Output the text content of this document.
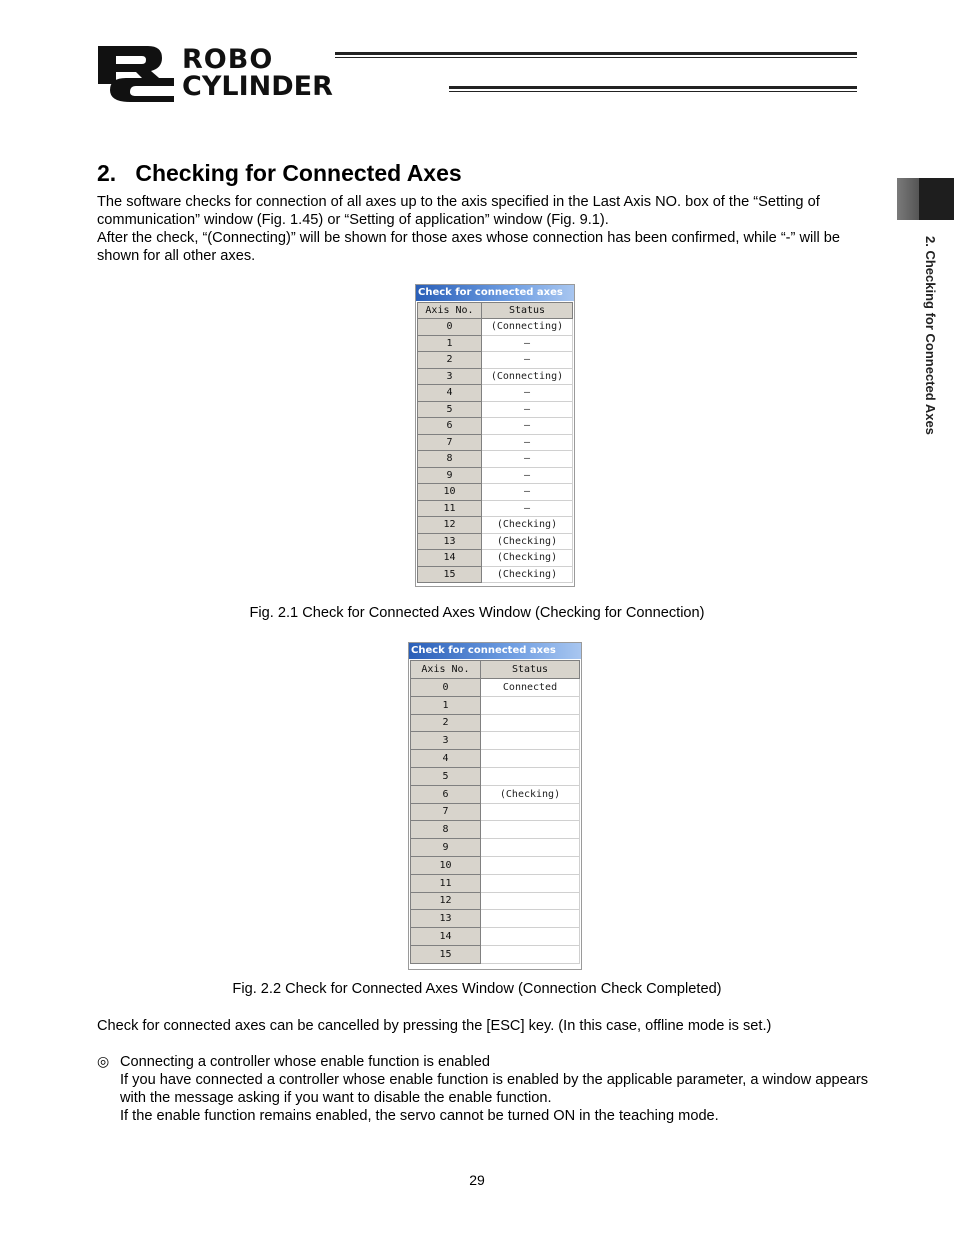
ROBO
CYLINDER
2. Checking for Connected Axes
2.   Checking for Connected Axes
The software checks for connection of all axes up to the axis specified in the Last Axis NO. box of the “Setting of communication” window (Fig. 1.45) or “Setting of application” window (Fig. 9.1).
After the check, “(Connecting)” will be shown for those axes whose connection has been confirmed, while “-” will be shown for all other axes.
Check for connected axes
Axis No.	Status
0	(Connecting)
1	–
2	–
3	(Connecting)
4	–
5	–
6	–
7	–
8	–
9	–
10	–
11	–
12	(Checking)
13	(Checking)
14	(Checking)
15	(Checking)
Fig. 2.1 Check for Connected Axes Window (Checking for Connection)
Check for connected axes
Axis No.	Status
0	Connected
1	
2	
3	
4	
5	
6	(Checking)
7	
8	
9	
10	
11	
12	
13	
14	
15	
Fig. 2.2 Check for Connected Axes Window (Connection Check Completed)
Check for connected axes can be cancelled by pressing the [ESC] key. (In this case, offline mode is set.)
◎ Connecting a controller whose enable function is enabled
If you have connected a controller whose enable function is enabled by the applicable parameter, a window appears with the message asking if you want to disable the enable function.
If the enable function remains enabled, the servo cannot be turned ON in the teaching mode.
29
